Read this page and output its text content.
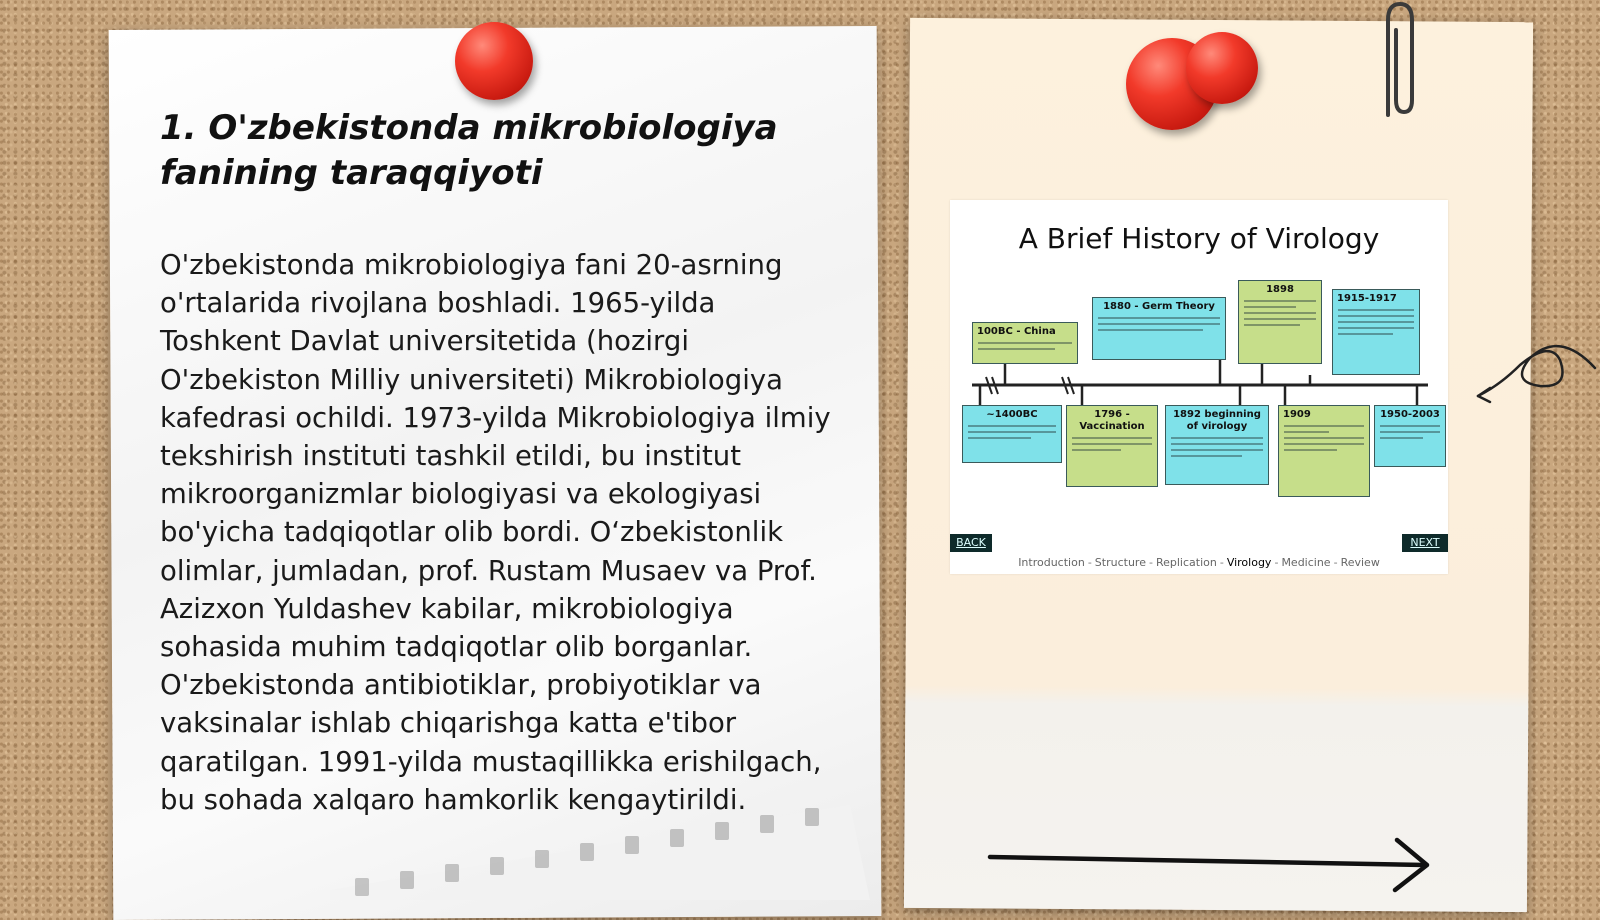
1. O'zbekistonda mikrobiologiya fanining taraqqiyoti

O'zbekistonda mikrobiologiya fani 20-asrning o'rtalarida rivojlana boshladi. 1965-yilda Toshkent Davlat universitetida (hozirgi O'zbekiston Milliy universiteti) Mikrobiologiya kafedrasi ochildi. 1973-yilda Mikrobiologiya ilmiy tekshirish instituti tashkil etildi, bu institut mikroorganizmlar biologiyasi va ekologiyasi bo'yicha tadqiqotlar olib bordi. O‘zbekistonlik olimlar, jumladan, prof. Rustam Musaev va Prof. Azizxon Yuldashev kabilar, mikrobiologiya sohasida muhim tadqiqotlar olib borganlar. O'zbekistonda antibiotiklar, probiyotiklar va vaksinalar ishlab chiqarishga katta e'tibor qaratilgan. 1991-yilda mustaqillikka erishilgach, bu sohada xalqaro hamkorlik kengaytirildi.

A Brief History of Virology
100BC - China
1880 - Germ Theory
1898
1915-1917
~1400BC	1796 - Vaccination
1892 beginning of virology
1909	1950-2003
BACK	NEXT
Introduction - Structure - Replication - Virology - Medicine - Review
